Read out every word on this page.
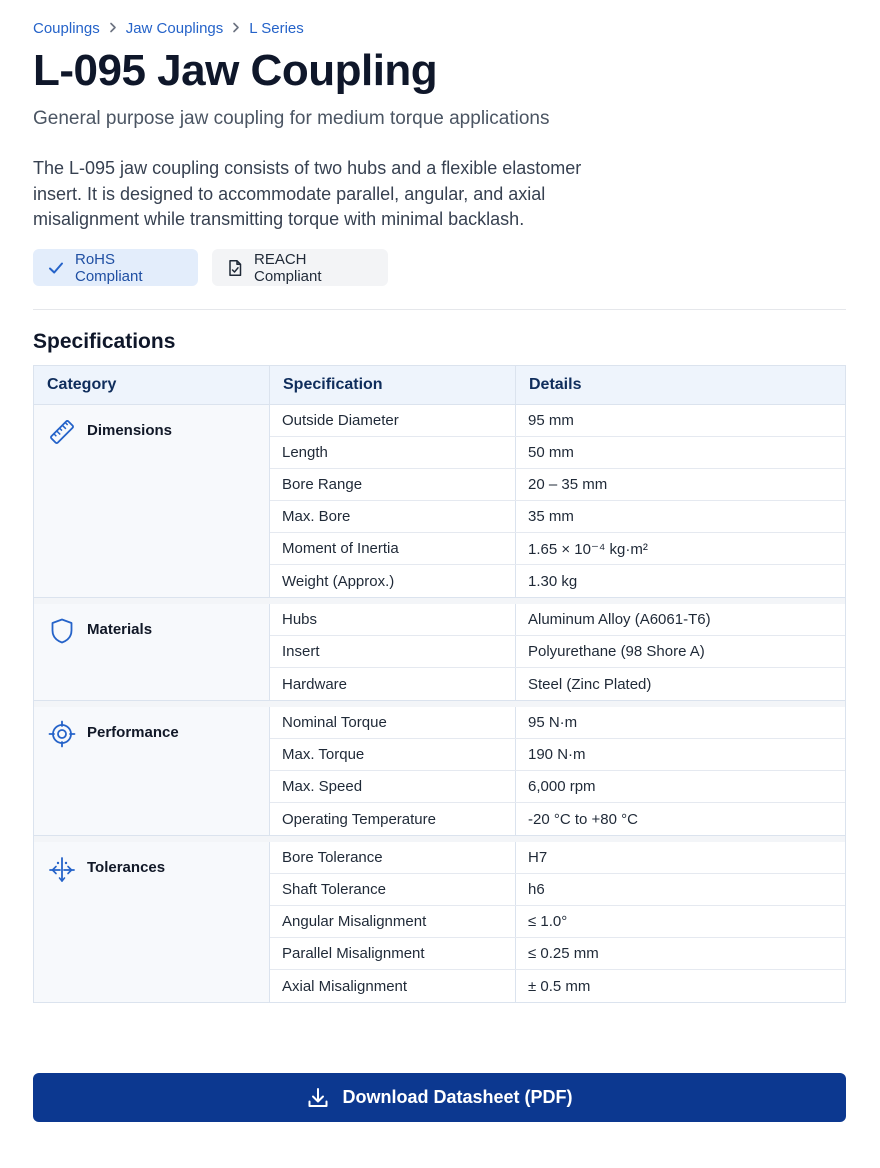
Couplings Jaw Couplings L Series
L-095 Jaw Coupling

General purpose jaw coupling for medium torque applications

The L-095 jaw coupling consists of two hubs and a flexible elastomer insert. It is designed to accommodate parallel, angular, and axial misalignment while transmitting torque with minimal backlash.

RoHS Compliant
REACH Compliant
Specifications
Category	Specification	Details
Dimensions
Outside Diameter	95 mm
Length	50 mm
Bore Range	20 – 35 mm
Max. Bore	35 mm
Moment of Inertia	1.65 × 10⁻⁴ kg·m²
Weight (Approx.)	1.30 kg
Materials
Hubs	Aluminum Alloy (A6061-T6)
Insert	Polyurethane (98 Shore A)
Hardware	Steel (Zinc Plated)
Performance
Nominal Torque	95 N·m
Max. Torque	190 N·m
Max. Speed	6,000 rpm
Operating Temperature	-20 °C to +80 °C
Tolerances
Bore Tolerance	H7
Shaft Tolerance	h6
Angular Misalignment	≤ 1.0°
Parallel Misalignment	≤ 0.25 mm
Axial Misalignment	± 0.5 mm
Download Datasheet (PDF)
